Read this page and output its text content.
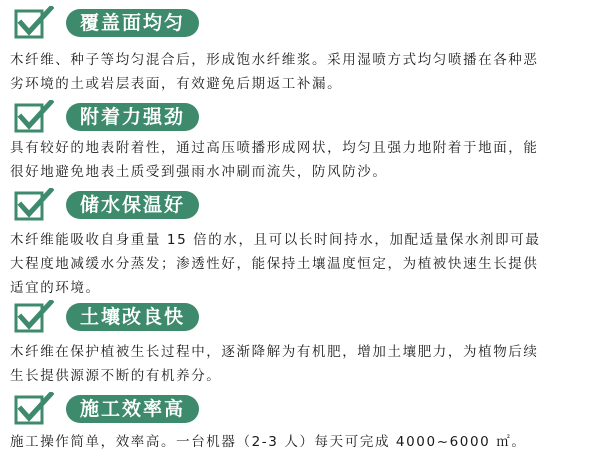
覆盖面均匀
木纤维、种子等均匀混合后，形成饱水纤维浆。采用湿喷方式均匀喷播在各种恶
劣环境的土或岩层表面，有效避免后期返工补漏。
附着力强劲
具有较好的地表附着性，通过高压喷播形成网状，均匀且强力地附着于地面，能
很好地避免地表土质受到强雨水冲刷而流失，防风防沙。
储水保温好
木纤维能吸收自身重量 15 倍的水，且可以长时间持水，加配适量保水剂即可最
大程度地减缓水分蒸发；渗透性好，能保持土壤温度恒定，为植被快速生长提供
适宜的环境。
土壤改良快
木纤维在保护植被生长过程中，逐渐降解为有机肥，增加土壤肥力，为植物后续
生长提供源源不断的有机养分。
施工效率高
施工操作简单，效率高。一台机器（2-3 人）每天可完成 4000~6000 ㎡。
